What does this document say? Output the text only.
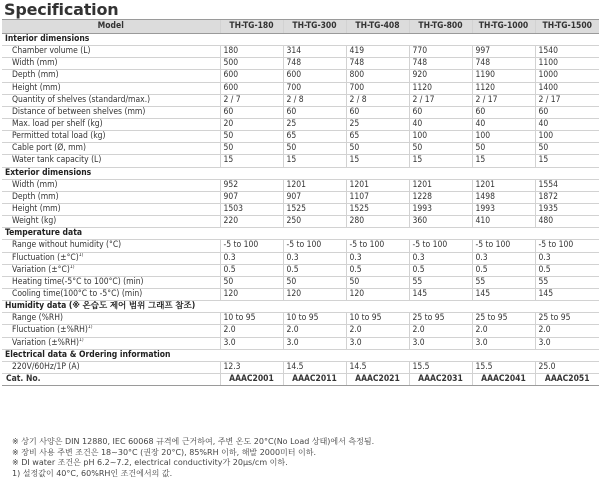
Specification
Model	TH-TG-180	TH-TG-300	TH-TG-408	TH-TG-800	TH-TG-1000	TH-TG-1500
Interior dimensions						
Chamber volume (L)	180	314	419	770	997	1540
Width (mm)	500	748	748	748	748	1100
Depth (mm)	600	600	800	920	1190	1000
Height (mm)	600	700	700	1120	1120	1400
Quantity of shelves (standard/max.)	2 / 7	2 / 8	2 / 8	2 / 17	2 / 17	2 / 17
Distance of between shelves (mm)	60	60	60	60	60	60
Max. load per shelf (kg)	20	25	25	40	40	40
Permitted total load (kg)	50	65	65	100	100	100
Cable port (Ø, mm)	50	50	50	50	50	50
Water tank capacity (L)	15	15	15	15	15	15
Exterior dimensions						
Width (mm)	952	1201	1201	1201	1201	1554
Depth (mm)	907	907	1107	1228	1498	1872
Height (mm)	1503	1525	1525	1993	1993	1935
Weight (kg)	220	250	280	360	410	480
Temperature data						
Range without humidity (°C)	-5 to 100	-5 to 100	-5 to 100	-5 to 100	-5 to 100	-5 to 100
Fluctuation $(\pm^\circ C)^{1)}$	0.3	0.3	0.3	0.3	0.3	0.3
Variation $(\pm^\circ C)^{1)}$	0.5	0.5	0.5	0.5	0.5	0.5
Heating time(-5°C to 100°C) (min)	50	50	50	55	55	55
Cooling time(100°C to -5°C) (min)	120	120	120	145	145	145
Humidity data (※ 온습도 제어 범위 그래프 참조)						
Range (%RH)	10 to 95	10 to 95	10 to 95	25 to 95	25 to 95	25 to 95
Fluctuation $(\pm\%RH)^{1)}$	2.0	2.0	2.0	2.0	2.0	2.0
Variation $(\pm\%RH)^{1)}$	3.0	3.0	3.0	3.0	3.0	3.0
Electrical data & Ordering information						
220V/60Hz/1P (A)	12.3	14.5	14.5	15.5	15.5	25.0
Cat. No.	AAAC2001	AAAC2011	AAAC2021	AAAC2031	AAAC2041	AAAC2051
※ 상기 사양은 DIN 12880, IEC 60068 규격에 근거하여, 주변 온도 20°C(No Load 상태)에서 측정됨.
※ 장비 사용 주변 조건은 18~30°C (권장 20°C), 85%RH 이하, 해발 2000미터 이하.
※ DI water 조건은 pH 6.2~7.2, electrical conductivity가 20μs/cm 이하.
1) 설정값이 40°C, 60%RH인 조건에서의 값.
